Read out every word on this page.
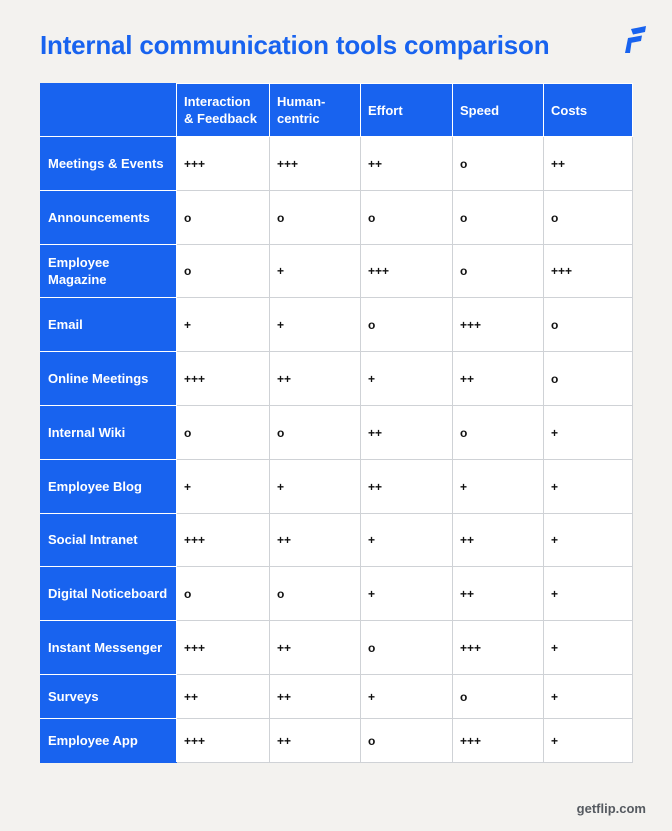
Internal communication tools comparison
	Interaction & Feedback	Human-centric	Effort	Speed	Costs
Meetings & Events	+++	+++	++	o	++
Announcements	o	o	o	o	o
Employee Magazine	o	+	+++	o	+++
Email	+	+	o	+++	o
Online Meetings	+++	++	+	++	o
Internal Wiki	o	o	++	o	+
Employee Blog	+	+	++	+	+
Social Intranet	+++	++	+	++	+
Digital Noticeboard	o	o	+	++	+
Instant Messenger	+++	++	o	+++	+
Surveys	++	++	+	o	+
Employee App	+++	++	o	+++	+
getflip.com
